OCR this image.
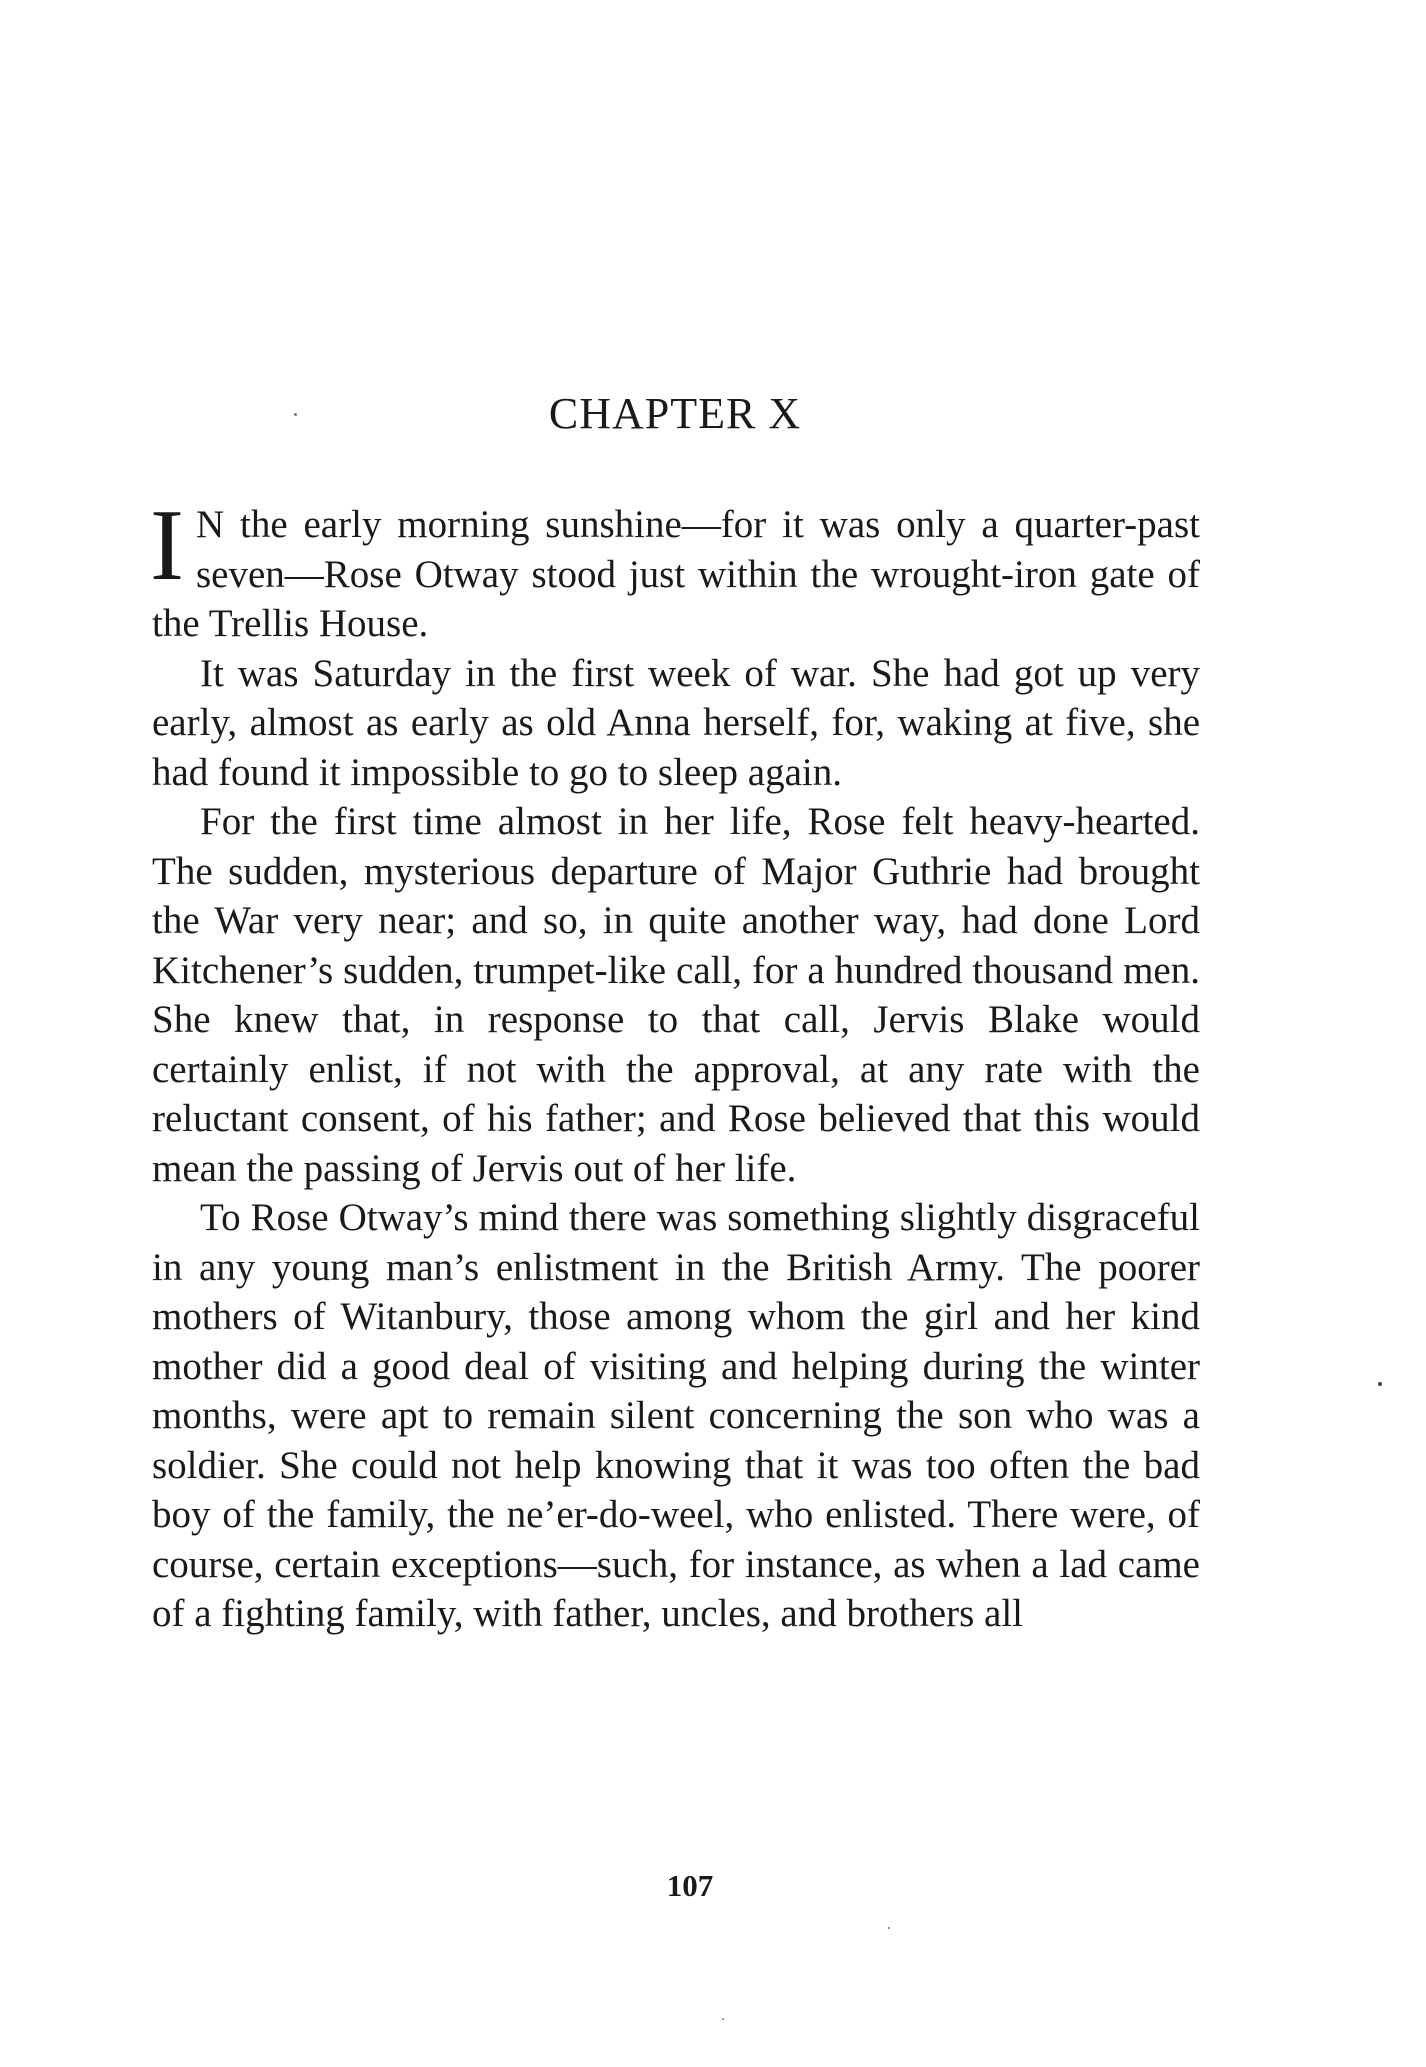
CHAPTER X

I N the early morning sunshine—for it was only a quarter-past seven—Rose Otway stood just within the wrought-iron gate of the Trellis House.

It was Saturday in the first week of war. She had got up very early, almost as early as old Anna herself, for, waking at five, she had found it impossible to go to sleep again.

For the first time almost in her life, Rose felt heavy-hearted. The sudden, mysterious departure of Major Guthrie had brought the War very near; and so, in quite another way, had done Lord Kitchener’s sudden, trumpet-like call, for a hundred thousand men. She knew that, in response to that call, Jervis Blake would certainly enlist, if not with the approval, at any rate with the reluctant consent, of his father; and Rose believed that this would mean the passing of Jervis out of her life.

To Rose Otway’s mind there was something slightly disgraceful in any young man’s enlistment in the British Army. The poorer mothers of Witanbury, those among whom the girl and her kind mother did a good deal of visiting and helping during the winter months, were apt to remain silent concerning the son who was a soldier. She could not help knowing that it was too often the bad boy of the family, the ne’er-do-weel, who enlisted. There were, of course, certain exceptions—such, for instance, as when a lad came of a fighting family, with father, uncles, and brothers all

107
